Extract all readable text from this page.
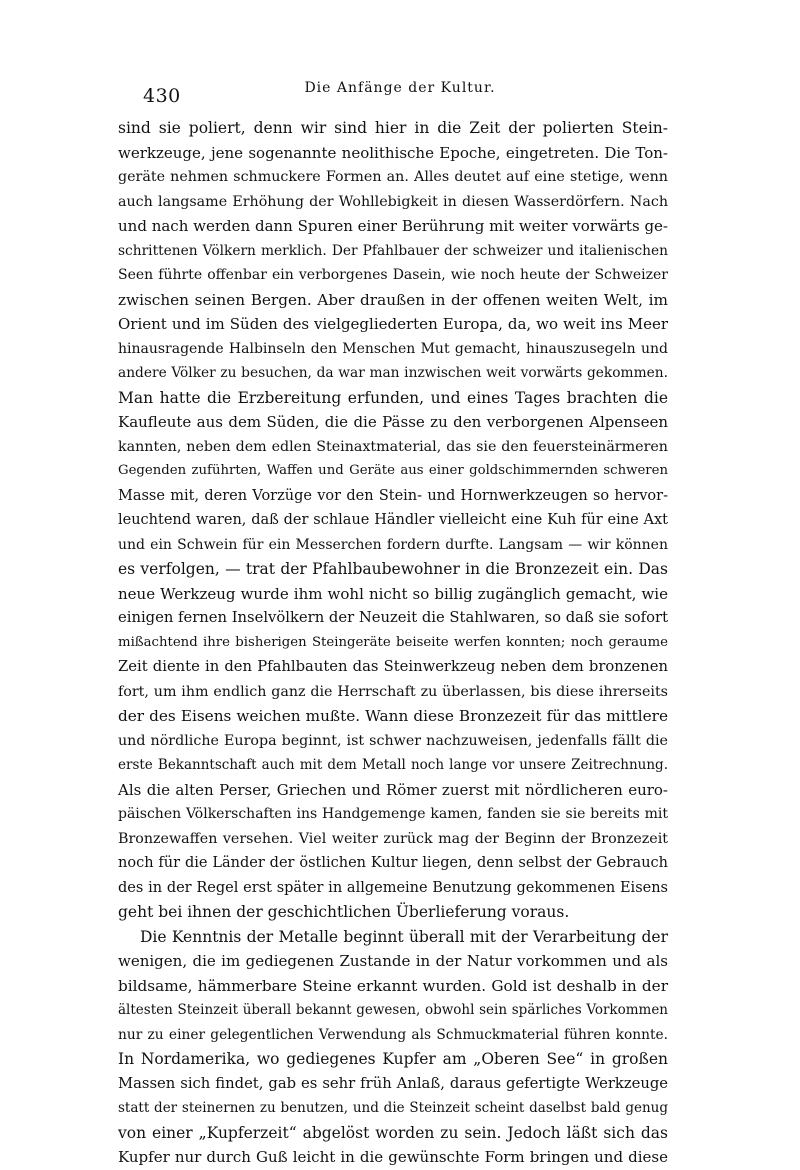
430	Die Anfänge der Kultur.
sind sie poliert, denn wir sind hier in die Zeit der polierten Stein-
werkzeuge, jene sogenannte neolithische Epoche, eingetreten. Die Ton-
geräte nehmen schmuckere Formen an. Alles deutet auf eine stetige, wenn
auch langsame Erhöhung der Wohllebigkeit in diesen Wasserdörfern. Nach
und nach werden dann Spuren einer Berührung mit weiter vorwärts ge-
schrittenen Völkern merklich. Der Pfahlbauer der schweizer und italienischen
Seen führte offenbar ein verborgenes Dasein, wie noch heute der Schweizer
zwischen seinen Bergen. Aber draußen in der offenen weiten Welt, im
Orient und im Süden des vielgegliederten Europa, da, wo weit ins Meer
hinausragende Halbinseln den Menschen Mut gemacht, hinauszusegeln und
andere Völker zu besuchen, da war man inzwischen weit vorwärts gekommen.
Man hatte die Erzbereitung erfunden, und eines Tages brachten die
Kaufleute aus dem Süden, die die Pässe zu den verborgenen Alpenseen
kannten, neben dem edlen Steinaxtmaterial, das sie den feuersteinärmeren
Gegenden zuführten, Waffen und Geräte aus einer goldschimmernden schweren
Masse mit, deren Vorzüge vor den Stein- und Hornwerkzeugen so hervor-
leuchtend waren, daß der schlaue Händler vielleicht eine Kuh für eine Axt
und ein Schwein für ein Messerchen fordern durfte. Langsam — wir können
es verfolgen, — trat der Pfahlbaubewohner in die Bronzezeit ein. Das
neue Werkzeug wurde ihm wohl nicht so billig zugänglich gemacht, wie
einigen fernen Inselvölkern der Neuzeit die Stahlwaren, so daß sie sofort
mißachtend ihre bisherigen Steingeräte beiseite werfen konnten; noch geraume
Zeit diente in den Pfahlbauten das Steinwerkzeug neben dem bronzenen
fort, um ihm endlich ganz die Herrschaft zu überlassen, bis diese ihrerseits
der des Eisens weichen mußte. Wann diese Bronzezeit für das mittlere
und nördliche Europa beginnt, ist schwer nachzuweisen, jedenfalls fällt die
erste Bekanntschaft auch mit dem Metall noch lange vor unsere Zeitrechnung.
Als die alten Perser, Griechen und Römer zuerst mit nördlicheren euro-
päischen Völkerschaften ins Handgemenge kamen, fanden sie sie bereits mit
Bronzewaffen versehen. Viel weiter zurück mag der Beginn der Bronzezeit
noch für die Länder der östlichen Kultur liegen, denn selbst der Gebrauch
des in der Regel erst später in allgemeine Benutzung gekommenen Eisens
geht bei ihnen der geschichtlichen Überlieferung voraus.
Die Kenntnis der Metalle beginnt überall mit der Verarbeitung der
wenigen, die im gediegenen Zustande in der Natur vorkommen und als
bildsame, hämmerbare Steine erkannt wurden. Gold ist deshalb in der
ältesten Steinzeit überall bekannt gewesen, obwohl sein spärliches Vorkommen
nur zu einer gelegentlichen Verwendung als Schmuckmaterial führen konnte.
In Nordamerika, wo gediegenes Kupfer am „Oberen See“ in großen
Massen sich findet, gab es sehr früh Anlaß, daraus gefertigte Werkzeuge
statt der steinernen zu benutzen, und die Steinzeit scheint daselbst bald genug
von einer „Kupferzeit“ abgelöst worden zu sein. Jedoch läßt sich das
Kupfer nur durch Guß leicht in die gewünschte Form bringen und diese
